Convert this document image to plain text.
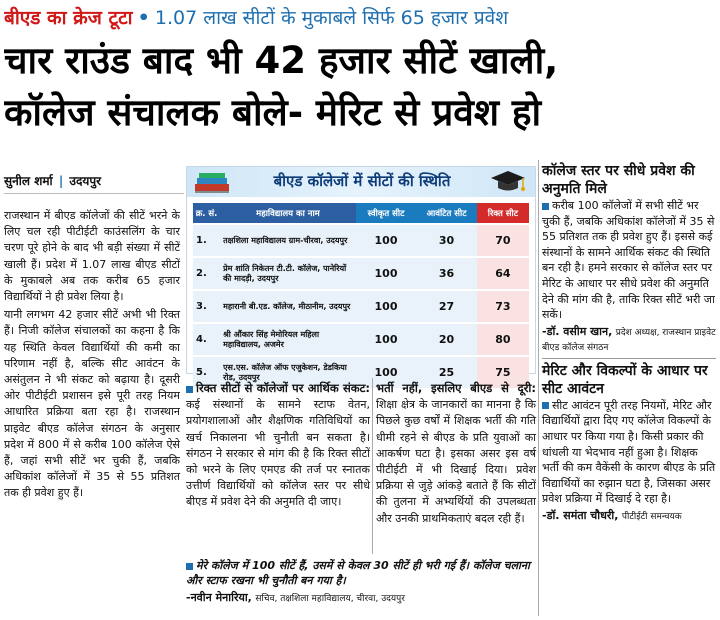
बीएड का क्रेज टूटा • 1.07 लाख सीटों के मुकाबले सिर्फ 65 हजार प्रवेश
चार राउंड बाद भी 42 हजार सीटें खाली,
कॉलेज संचालक बोले- मेरिट से प्रवेश हो
सुनील शर्मा | उदयपुर

राजस्थान में बीएड कॉलेजों की सीटें भरने के लिए चल रही पीटीईटी काउंसलिंग के चार चरण पूरे होने के बाद भी बड़ी संख्या में सीटें खाली हैं। प्रदेश में 1.07 लाख बीएड सीटों के मुकाबले अब तक करीब 65 हजार विद्यार्थियों ने ही प्रवेश लिया है।

यानी लगभग 42 हजार सीटें अभी भी रिक्त हैं। निजी कॉलेज संचालकों का कहना है कि यह स्थिति केवल विद्यार्थियों की कमी का परिणाम नहीं है, बल्कि सीट आवंटन के असंतुलन ने भी संकट को बढ़ाया है। दूसरी ओर पीटीईटी प्रशासन इसे पूरी तरह नियम आधारित प्रक्रिया बता रहा है। राजस्थान प्राइवेट बीएड कॉलेज संगठन के अनुसार प्रदेश में 800 में से करीब 100 कॉलेज ऐसे हैं, जहां सभी सीटें भर चुकी हैं, जबकि अधिकांश कॉलेजों में 35 से 55 प्रतिशत तक ही प्रवेश हुए हैं।

बीएड कॉलेजों में सीटों की स्थिति
क्र. सं.	महाविद्यालय का नाम	स्वीकृत सीट	आवंटित सीट	रिक्त सीट
1.	तक्षशिला महाविद्यालय ग्राम-चीरवा, उदयपुर	100	30	70
2.	प्रेम शांति निकेतन टी.टी. कॉलेज, पानेरियों की मादड़ी, उदयपुर	100	36	64
3.	महारानी बी.एड. कॉलेज, मीठानीम, उदयपुर	100	27	73
4.	श्री औंकार सिंह मेमोरियल महिला महाविद्यालय, अजमेर	100	20	80
5.	एस.एस. कॉलेज ऑफ एजुकेशन, डेडकिया रोड, उदयपुर	100	25	75
रिक्त सीटों से कॉलेजों पर आर्थिक संकट: कई संस्थानों के सामने स्टाफ वेतन, प्रयोगशालाओं और शैक्षणिक गतिविधियों का खर्च निकालना भी चुनौती बन सकता है। संगठन ने सरकार से मांग की है कि रिक्त सीटों को भरने के लिए एमएड की तर्ज पर स्नातक उत्तीर्ण विद्यार्थियों को कॉलेज स्तर पर सीधे बीएड में प्रवेश देने की अनुमति दी जाए।
भर्ती नहीं, इसलिए बीएड से दूरी: शिक्षा क्षेत्र के जानकारों का मानना है कि पिछले कुछ वर्षों में शिक्षक भर्ती की गति धीमी रहने से बीएड के प्रति युवाओं का आकर्षण घटा है। इसका असर इस वर्ष पीटीईटी में भी दिखाई दिया। प्रवेश प्रक्रिया से जुड़े आंकड़े बताते हैं कि सीटों की तुलना में अभ्यर्थियों की उपलब्धता और उनकी प्राथमिकताएं बदल रही हैं।
मेरे कॉलेज में 100 सीटें हैं, उसमें से केवल 30 सीटें ही भरी गई हैं। कॉलेज चलाना और स्टाफ रखना भी चुनौती बन गया है।
-नवीन मेनारिया, सचिव, तक्षशिला महाविद्यालय, चीरवा, उदयपुर
कॉलेज स्तर पर सीधे प्रवेश की अनुमति मिले
करीब 100 कॉलेजों में सभी सीटें भर चुकी हैं, जबकि अधिकांश कॉलेजों में 35 से 55 प्रतिशत तक ही प्रवेश हुए हैं। इससे कई संस्थानों के सामने आर्थिक संकट की स्थिति बन रही है। हमने सरकार से कॉलेज स्तर पर मेरिट के आधार पर सीधे प्रवेश की अनुमति देने की मांग की है, ताकि रिक्त सीटें भरी जा सकें।
-डॉ. वसीम खान, प्रदेश अध्यक्ष, राजस्थान प्राइवेट बीएड कॉलेज संगठन
मेरिट और विकल्पों के आधार पर सीट आवंटन
सीट आवंटन पूरी तरह नियमों, मेरिट और विद्यार्थियों द्वारा दिए गए कॉलेज विकल्पों के आधार पर किया गया है। किसी प्रकार की धांधली या भेदभाव नहीं हुआ है। शिक्षक भर्ती की कम वैकेंसी के कारण बीएड के प्रति विद्यार्थियों का रुझान घटा है, जिसका असर प्रवेश प्रक्रिया में दिखाई दे रहा है।
-डॉ. समंता चौधरी, पीटीईटी समन्वयक
